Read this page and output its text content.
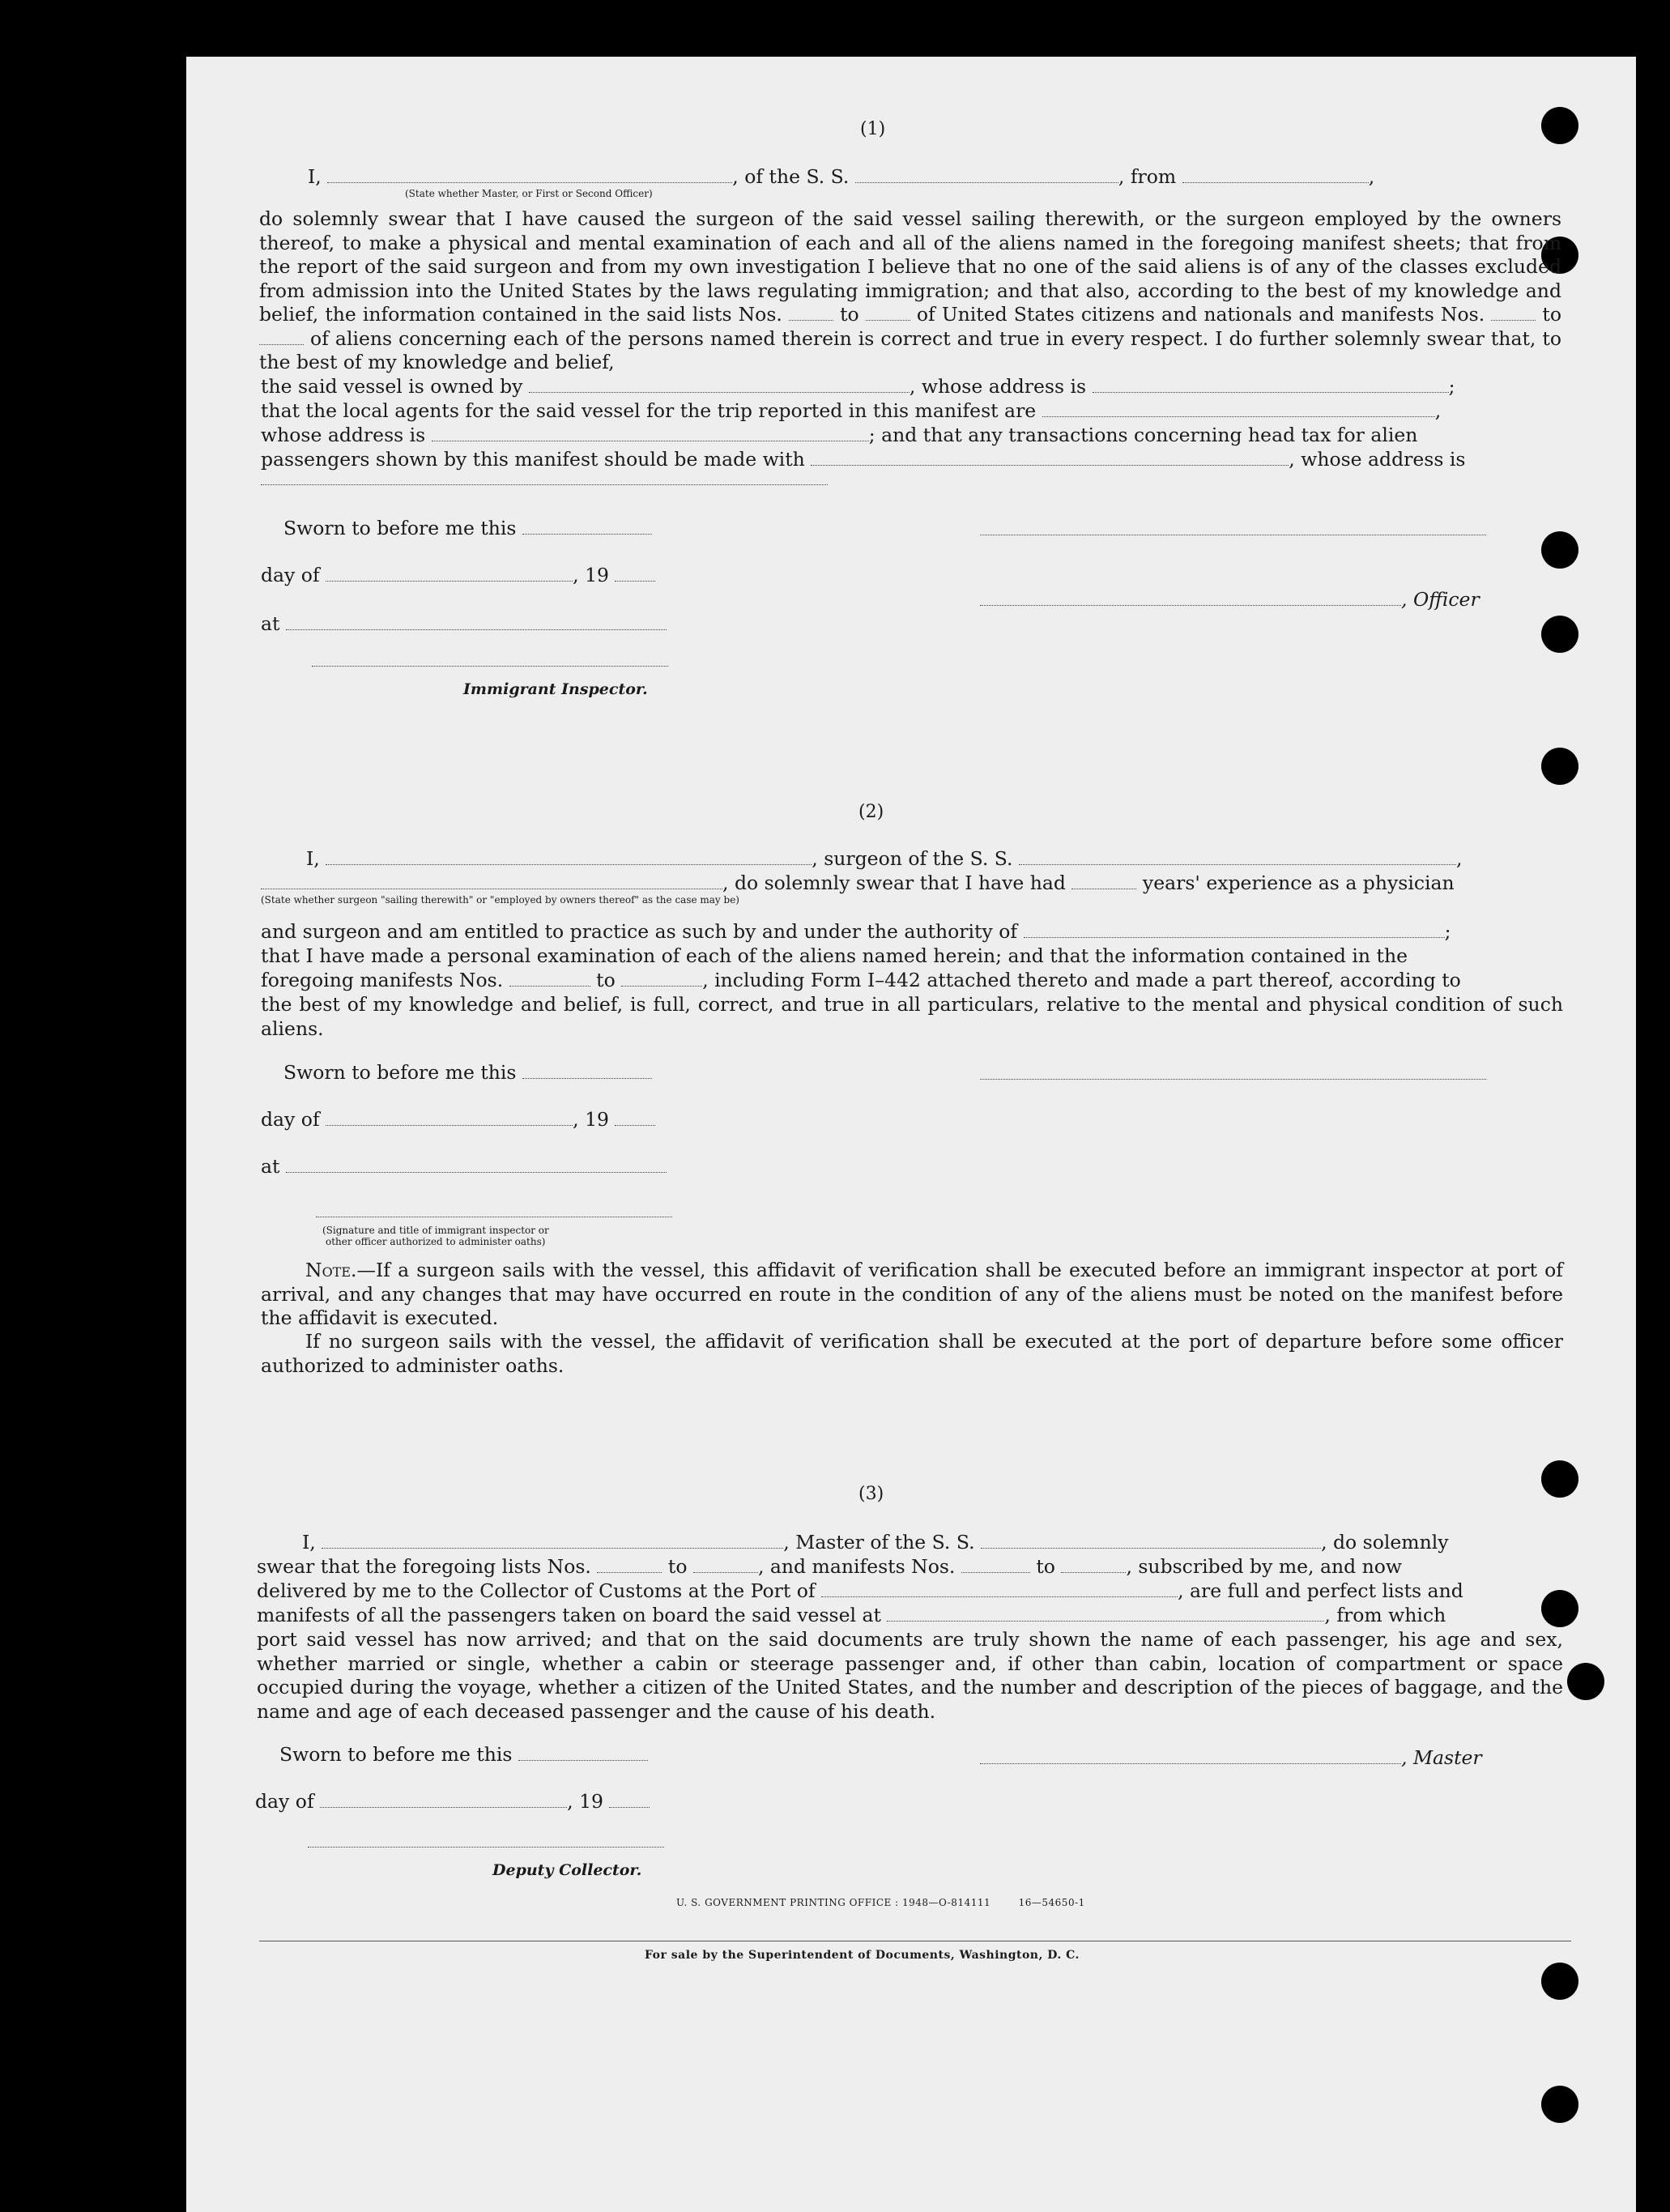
(1)
I,	, of the S. S.	, from	,
(State whether Master, or First or Second Officer)
do solemnly swear that I have caused the surgeon of the said vessel sailing therewith, or the surgeon employed by the owners thereof, to make a physical and mental examination of each and all of the aliens named in the foregoing manifest sheets; that from the report of the said surgeon and from my own investigation I believe that no one of the said aliens is of any of the classes excluded from admission into the United States by the laws regulating immigration; and that also, according to the best of my knowledge and belief, the information contained in the said lists Nos.	to	of United States citizens and nationals and manifests Nos.	to  of aliens concerning each of the persons named therein is correct and true in every respect. I do further solemnly swear that, to the best of my knowledge and belief,
the said vessel is owned by	, whose address is	;
that the local agents for the said vessel for the trip reported in this manifest are	,
whose address is	; and that any transactions concerning head tax for alien
passengers shown by this manifest should be made with	, whose address is
Sworn to before me this
day of	, 19
, Officer
at
Immigrant Inspector.
(2)
I,	, surgeon of the S. S.	,
, do solemnly swear that I have had	years' experience as a physician
(State whether surgeon "sailing therewith" or "employed by owners thereof" as the case may be)
and surgeon and am entitled to practice as such by and under the authority of	;
that I have made a personal examination of each of the aliens named herein; and that the information contained in the
foregoing manifests Nos.	to	, including Form I–442 attached thereto and made a part thereof, according to
the best of my knowledge and belief, is full, correct, and true in all particulars, relative to the mental and physical condition of such aliens.
Sworn to before me this
day of	, 19
at
(Signature and title of immigrant inspector or
other officer authorized to administer oaths)
Note.—If a surgeon sails with the vessel, this affidavit of verification shall be executed before an immigrant inspector at port of arrival, and any changes that may have occurred en route in the condition of any of the aliens must be noted on the manifest before the affidavit is executed.
If no surgeon sails with the vessel, the affidavit of verification shall be executed at the port of departure before some officer authorized to administer oaths.
(3)
I,	, Master of the S. S.	, do solemnly
swear that the foregoing lists Nos.	to	, and manifests Nos.	to	, subscribed by me, and now
delivered by me to the Collector of Customs at the Port of	, are full and perfect lists and
manifests of all the passengers taken on board the said vessel at	, from which
port said vessel has now arrived; and that on the said documents are truly shown the name of each passenger, his age and sex, whether married or single, whether a cabin or steerage passenger and, if other than cabin, location of compartment or space occupied during the voyage, whether a citizen of the United States, and the number and description of the pieces of baggage, and the name and age of each deceased passenger and the cause of his death.
Sworn to before me this	, Master
day of	, 19
Deputy Collector.
U. S. GOVERNMENT PRINTING OFFICE : 1948—O-814111        16—54650-1
For sale by the Superintendent of Documents, Washington, D. C.
